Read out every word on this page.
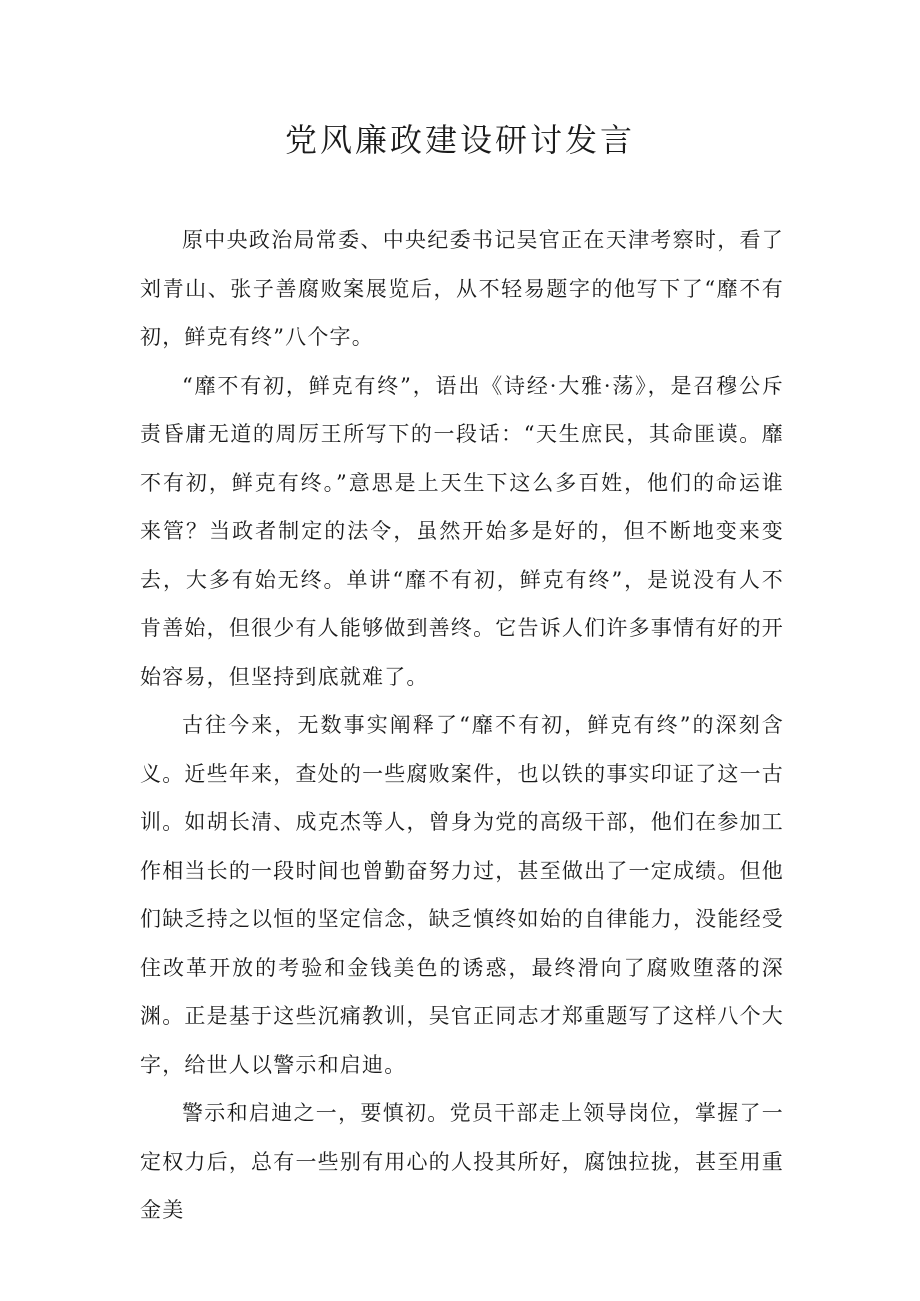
党风廉政建设研讨发言

原中央政治局常委、中央纪委书记吴官正在天津考察时，看了刘青山、张子善腐败案展览后，从不轻易题字的他写下了“靡不有初，鲜克有终”八个字。

“靡不有初，鲜克有终”，语出《诗经·大雅·荡》，是召穆公斥责昏庸无道的周厉王所写下的一段话：“天生庶民，其命匪谟。靡不有初，鲜克有终。”意思是上天生下这么多百姓，他们的命运谁来管？当政者制定的法令，虽然开始多是好的，但不断地变来变去，大多有始无终。单讲“靡不有初，鲜克有终”，是说没有人不肯善始，但很少有人能够做到善终。它告诉人们许多事情有好的开始容易，但坚持到底就难了。

古往今来，无数事实阐释了“靡不有初，鲜克有终”的深刻含义。近些年来，查处的一些腐败案件，也以铁的事实印证了这一古训。如胡长清、成克杰等人，曾身为党的高级干部，他们在参加工作相当长的一段时间也曾勤奋努力过，甚至做出了一定成绩。但他们缺乏持之以恒的坚定信念，缺乏慎终如始的自律能力，没能经受住改革开放的考验和金钱美色的诱惑，最终滑向了腐败堕落的深渊。正是基于这些沉痛教训，吴官正同志才郑重题写了这样八个大字，给世人以警示和启迪。

警示和启迪之一，要慎初。党员干部走上领导岗位，掌握了一定权力后，总有一些别有用心的人投其所好，腐蚀拉拢，甚至用重金美
